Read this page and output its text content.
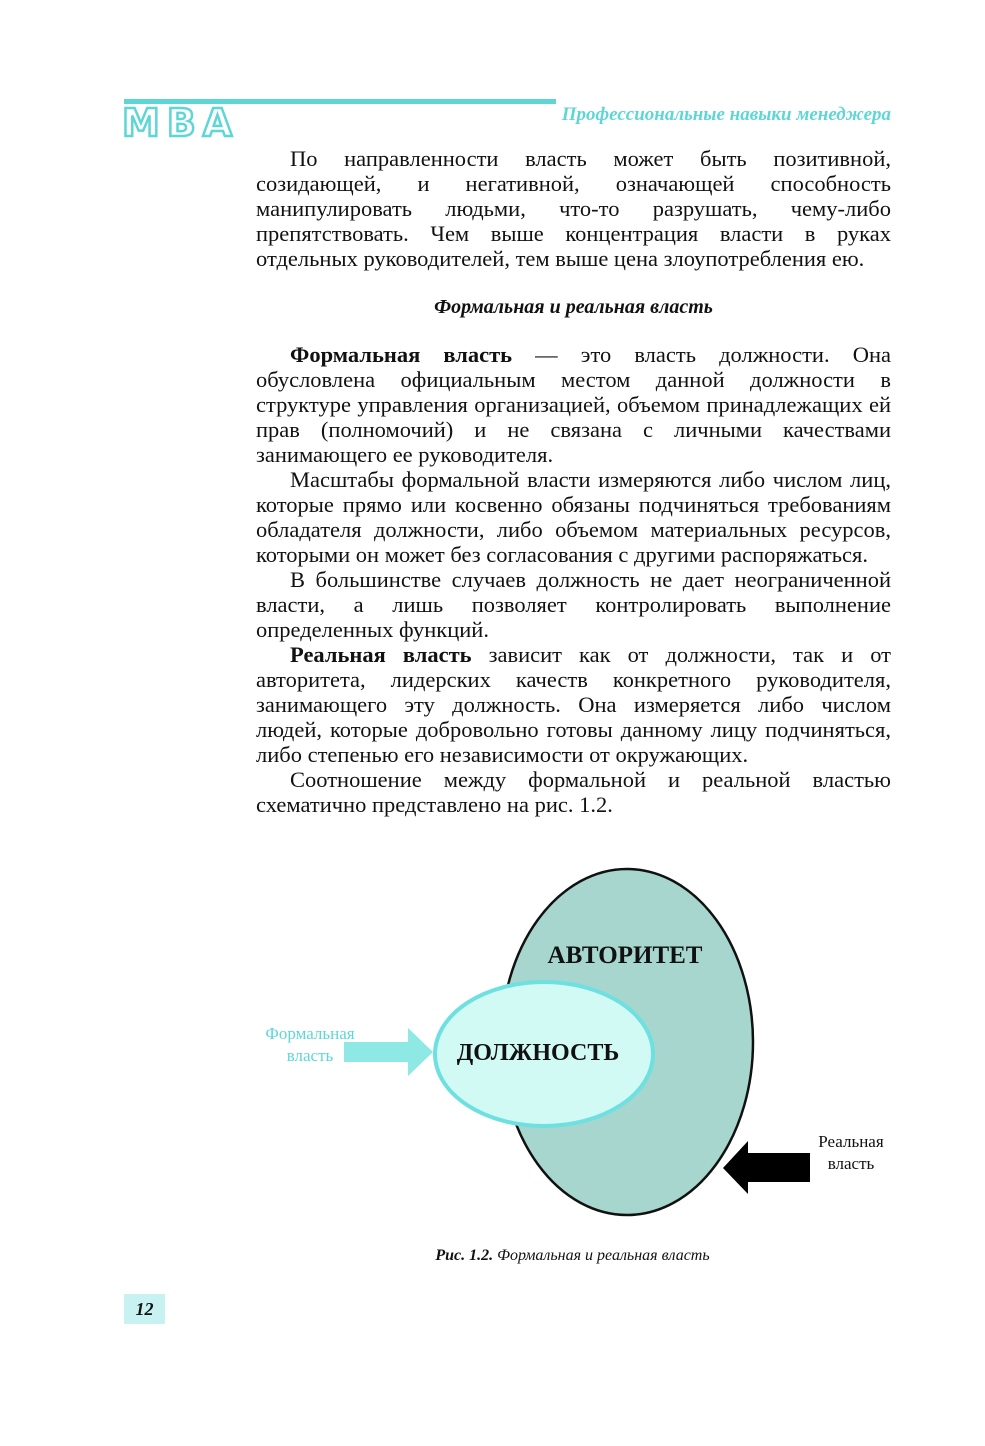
MBA	Профессиональные навыки менеджера

По направленности власть может быть позитивной, созидающей, и негативной, означающей способность манипулировать людьми, что-то разрушать, чему-либо препятствовать. Чем выше концентрация власти в руках отдельных руководителей, тем выше цена злоупотребления ею.

Формальная и реальная власть

Формальная власть — это власть должности. Она обусловлена официальным местом данной должности в структуре управления организацией, объемом принадлежащих ей прав (полномочий) и не связана с личными качествами занимающего ее руководителя.

Масштабы формальной власти измеряются либо числом лиц, которые прямо или косвенно обязаны подчиняться требованиям обладателя должности, либо объемом материальных ресурсов, которыми он может без согласования с другими распоряжаться.

В большинстве случаев должность не дает неограниченной власти, а лишь позволяет контролировать выполнение определенных функций.

Реальная власть зависит как от должности, так и от авторитета, лидерских качеств конкретного руководителя, занимающего эту должность. Она измеряется либо числом людей, которые добровольно готовы данному лицу подчиняться, либо степенью его независимости от окружающих.

Соотношение между формальной и реальной властью схематично представлено на рис. 1.2.

АВТОРИТЕТ
ДОЛЖНОСТЬ
Формальная
власть
Реальная
власть
Рис. 1.2. Формальная и реальная власть
12
